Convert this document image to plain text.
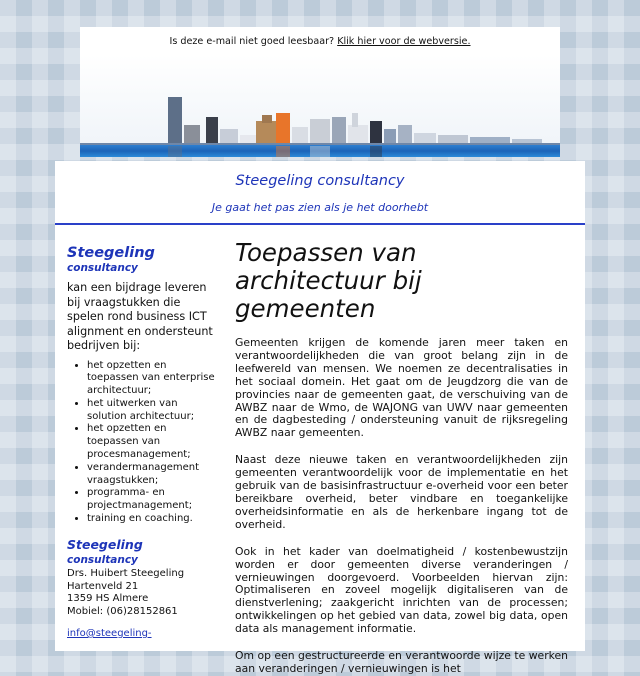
Is deze e-mail niet goed leesbaar? Klik hier voor de webversie.
Steegeling consultancy
Je gaat het pas zien als je het doorhebt
Steegeling
consultancy
kan een bijdrage leveren bij vraagstukken die spelen rond business ICT alignment en ondersteunt bedrijven bij:
• het opzetten en toepassen van enterprise architectuur;
• het uitwerken van solution architectuur;
• het opzetten en toepassen van procesmanagement;
• verandermanagement vraagstukken;
• programma- en projectmanagement;
• training en coaching.
Steegeling consultancy
Drs. Huibert Steegeling
Hartenveld 21
1359 HS Almere
Mobiel: (06)28152861
info@steegeling-
Toepassen van architectuur bij gemeenten

Gemeenten krijgen de komende jaren meer taken en verantwoordelijkheden die van groot belang zijn in de leefwereld van mensen. We noemen ze decentralisaties in het sociaal domein. Het gaat om de Jeugdzorg die van de provincies naar de gemeenten gaat, de verschuiving van de AWBZ naar de Wmo, de WAJONG van UWV naar gemeenten en de dagbesteding / ondersteuning vanuit de rijksregeling AWBZ naar gemeenten.

Naast deze nieuwe taken en verantwoordelijkheden zijn gemeenten verantwoordelijk voor de implementatie en het gebruik van de basisinfrastructuur e-overheid voor een beter bereikbare overheid, beter vindbare en toegankelijke overheidsinformatie en als de herkenbare ingang tot de overheid.

Ook in het kader van doelmatigheid / kostenbewustzijn worden er door gemeenten diverse veranderingen / vernieuwingen doorgevoerd. Voorbeelden hiervan zijn: Optimaliseren en zoveel mogelijk digitaliseren van de dienstverlening; zaakgericht inrichten van de processen; ontwikkelingen op het gebied van data, zowel big data, open data als management informatie.

Om op een gestructureerde en verantwoorde wijze te werken aan veranderingen / vernieuwingen is het
